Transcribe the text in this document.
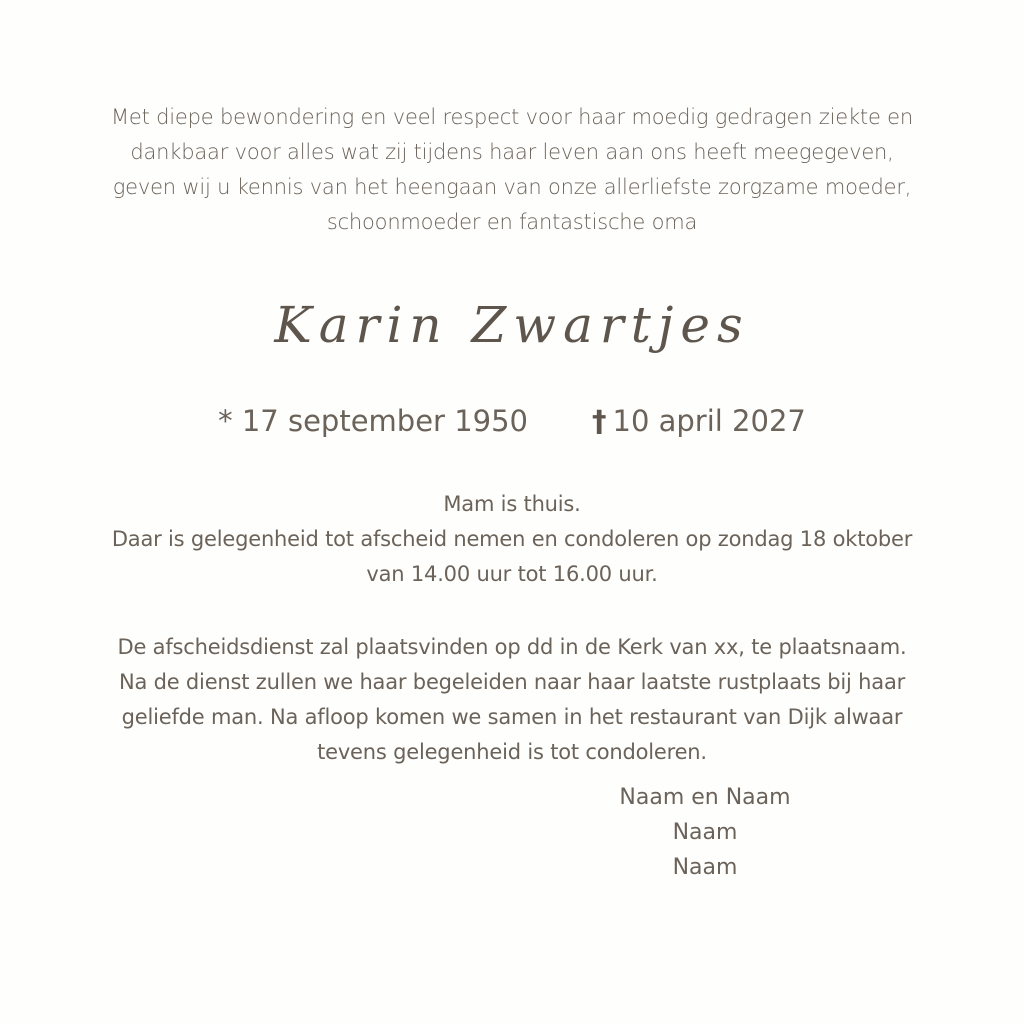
Met diepe bewondering en veel respect voor haar moedig gedragen ziekte en
dankbaar voor alles wat zij tijdens haar leven aan ons heeft meegegeven,
geven wij u kennis van het heengaan van onze allerliefste zorgzame moeder,
schoonmoeder en fantastische oma
Karin Zwartjes
* 17 september 1950 † 10 april 2027
Mam is thuis.
Daar is gelegenheid tot afscheid nemen en condoleren op zondag 18 oktober
van 14.00 uur tot 16.00 uur.
De afscheidsdienst zal plaatsvinden op dd in de Kerk van xx, te plaatsnaam.
Na de dienst zullen we haar begeleiden naar haar laatste rustplaats bij haar
geliefde man. Na afloop komen we samen in het restaurant van Dijk alwaar
tevens gelegenheid is tot condoleren.
Naam en Naam
Naam
Naam
